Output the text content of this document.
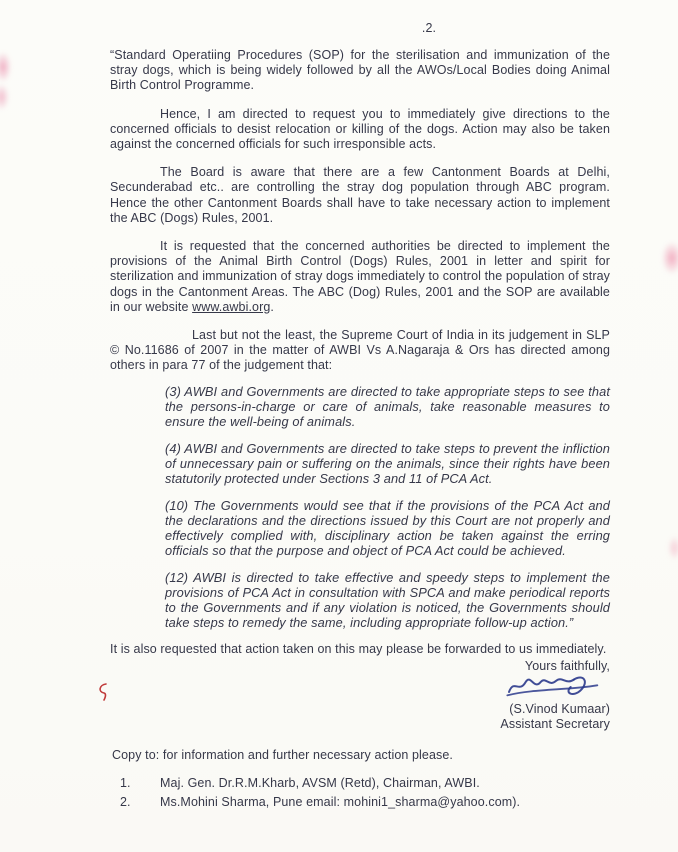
.2.

“Standard Operatiing Procedures (SOP) for the sterilisation and immunization of the stray dogs, which is being widely followed by all the AWOs/Local Bodies doing Animal Birth Control Programme.

Hence, I am directed to request you to immediately give directions to the concerned officials to desist relocation or killing of the dogs. Action may also be taken against the concerned officials for such irresponsible acts.

The Board is aware that there are a few Cantonment Boards at Delhi, Secunderabad etc.. are controlling the stray dog population through ABC program. Hence the other Cantonment Boards shall have to take necessary action to implement the ABC (Dogs) Rules, 2001.

It is requested that the concerned authorities be directed to implement the provisions of the Animal Birth Control (Dogs) Rules, 2001 in letter and spirit for sterilization and immunization of stray dogs immediately to control the population of stray dogs in the Cantonment Areas. The ABC (Dog) Rules, 2001 and the SOP are available in our website www.awbi.org.

Last but not the least, the Supreme Court of India in its judgement in SLP © No.11686 of 2007 in the matter of AWBI Vs A.Nagaraja & Ors has directed among others in para 77 of the judgement that:

(3) AWBI and Governments are directed to take appropriate steps to see that the persons-in-charge or care of animals, take reasonable measures to ensure the well-being of animals.

(4) AWBI and Governments are directed to take steps to prevent the infliction of unnecessary pain or suffering on the animals, since their rights have been statutorily protected under Sections 3 and 11 of PCA Act.

(10) The Governments would see that if the provisions of the PCA Act and the declarations and the directions issued by this Court are not properly and effectively complied with, disciplinary action be taken against the erring officials so that the purpose and object of PCA Act could be achieved.

(12) AWBI is directed to take effective and speedy steps to implement the provisions of PCA Act in consultation with SPCA and make periodical reports to the Governments and if any violation is noticed, the Governments should take steps to remedy the same, including appropriate follow-up action.”

It is also requested that action taken on this may please be forwarded to us immediately.

Yours faithfully,
(S.Vinod Kumaar)
Assistant Secretary

Copy to: for information and further necessary action please.

1.	Maj. Gen. Dr.R.M.Kharb, AVSM (Retd), Chairman, AWBI.
2.	Ms.Mohini Sharma, Pune email: mohini1_sharma@yahoo.com).
